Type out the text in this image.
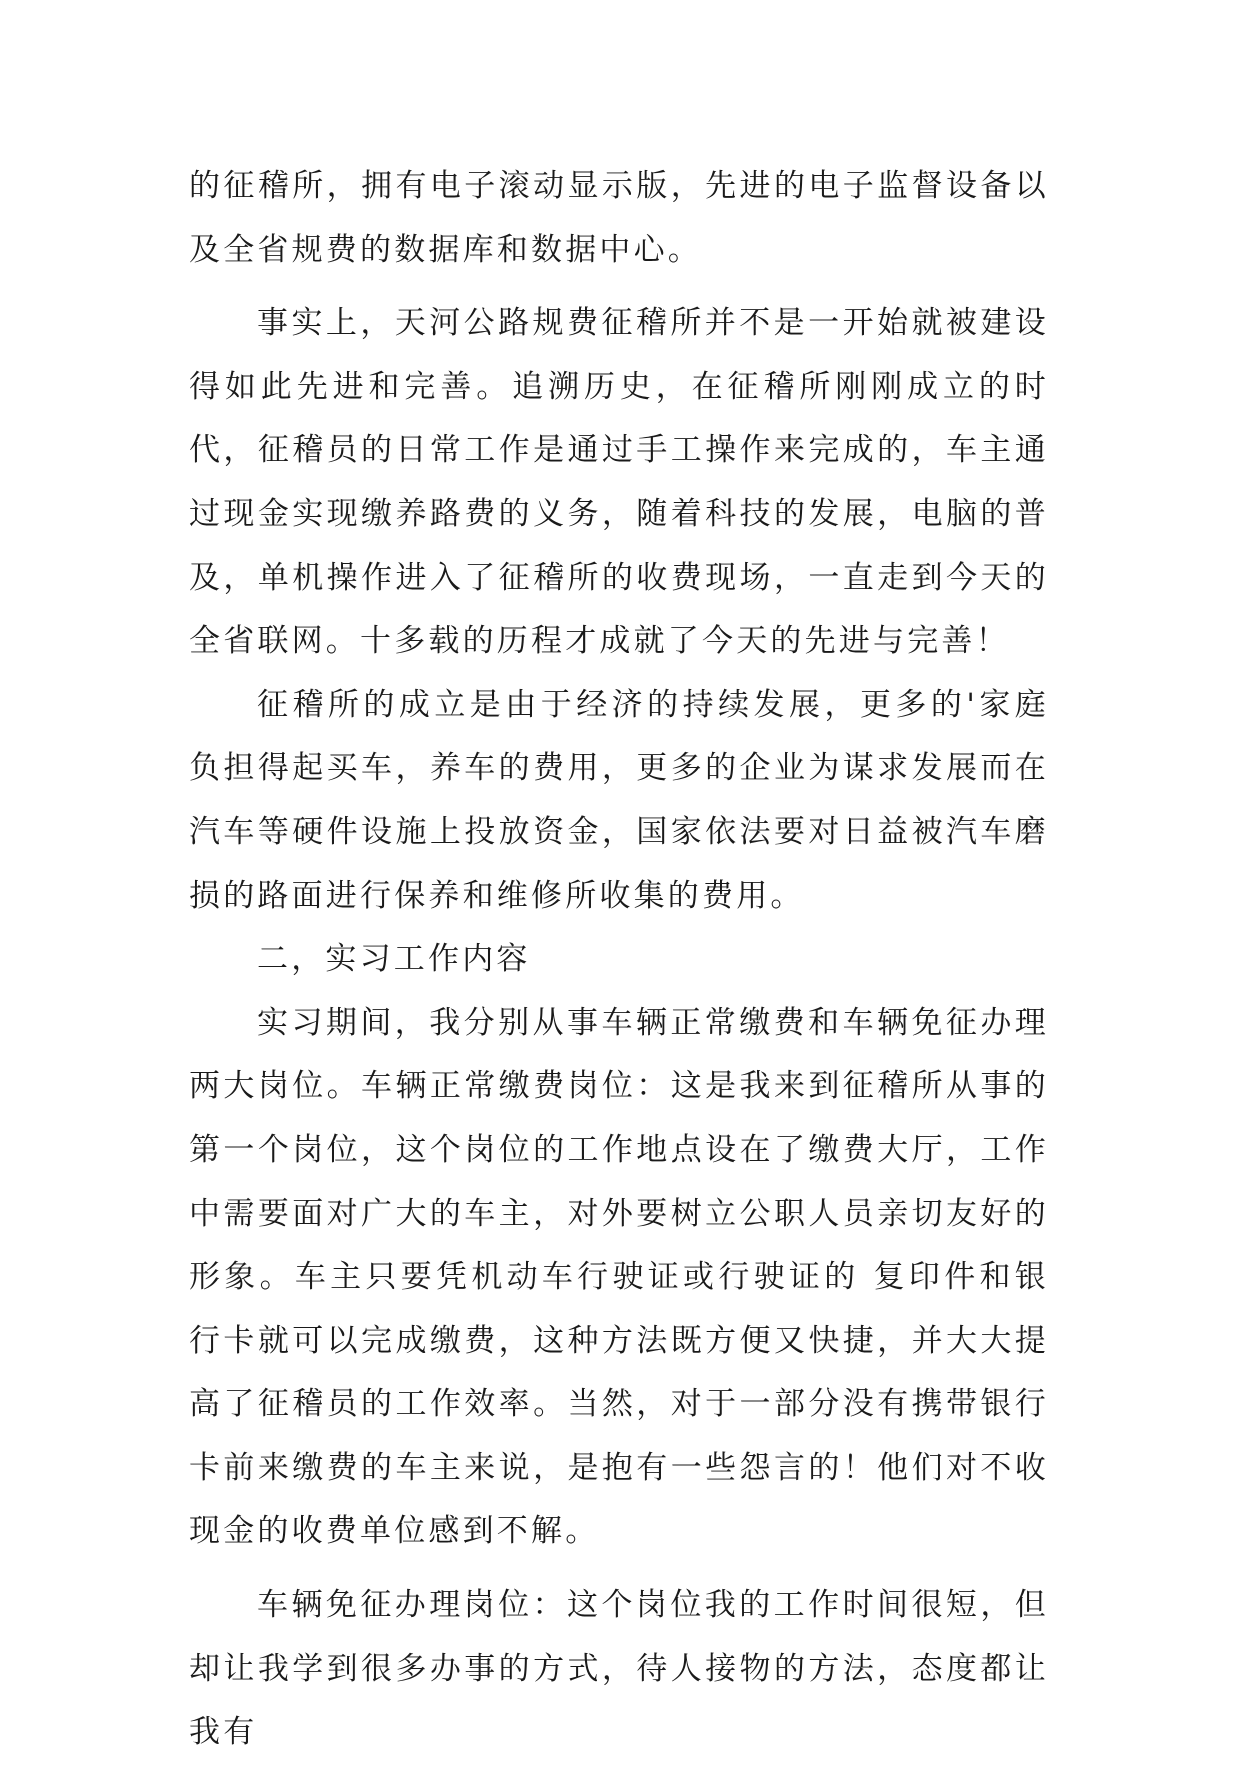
的征稽所，拥有电子滚动显示版，先进的电子监督设备以及全省规费的数据库和数据中心。

事实上，天河公路规费征稽所并不是一开始就被建设得如此先进和完善。追溯历史，在征稽所刚刚成立的时代，征稽员的日常工作是通过手工操作来完成的，车主通过现金实现缴养路费的义务，随着科技的发展，电脑的普及，单机操作进入了征稽所的收费现场，一直走到今天的全省联网。十多载的历程才成就了今天的先进与完善！

征稽所的成立是由于经济的持续发展，更多的'家庭负担得起买车，养车的费用，更多的企业为谋求发展而在汽车等硬件设施上投放资金，国家依法要对日益被汽车磨损的路面进行保养和维修所收集的费用。

二，实习工作内容

实习期间，我分别从事车辆正常缴费和车辆免征办理两大岗位。车辆正常缴费岗位：这是我来到征稽所从事的第一个岗位，这个岗位的工作地点设在了缴费大厅，工作中需要面对广大的车主，对外要树立公职人员亲切友好的形象。车主只要凭机动车行驶证或行驶证的 复印件和银行卡就可以完成缴费，这种方法既方便又快捷，并大大提高了征稽员的工作效率。当然，对于一部分没有携带银行卡前来缴费的车主来说，是抱有一些怨言的！他们对不收现金的收费单位感到不解。

车辆免征办理岗位：这个岗位我的工作时间很短，但却让我学到很多办事的方式，待人接物的方法，态度都让我有
